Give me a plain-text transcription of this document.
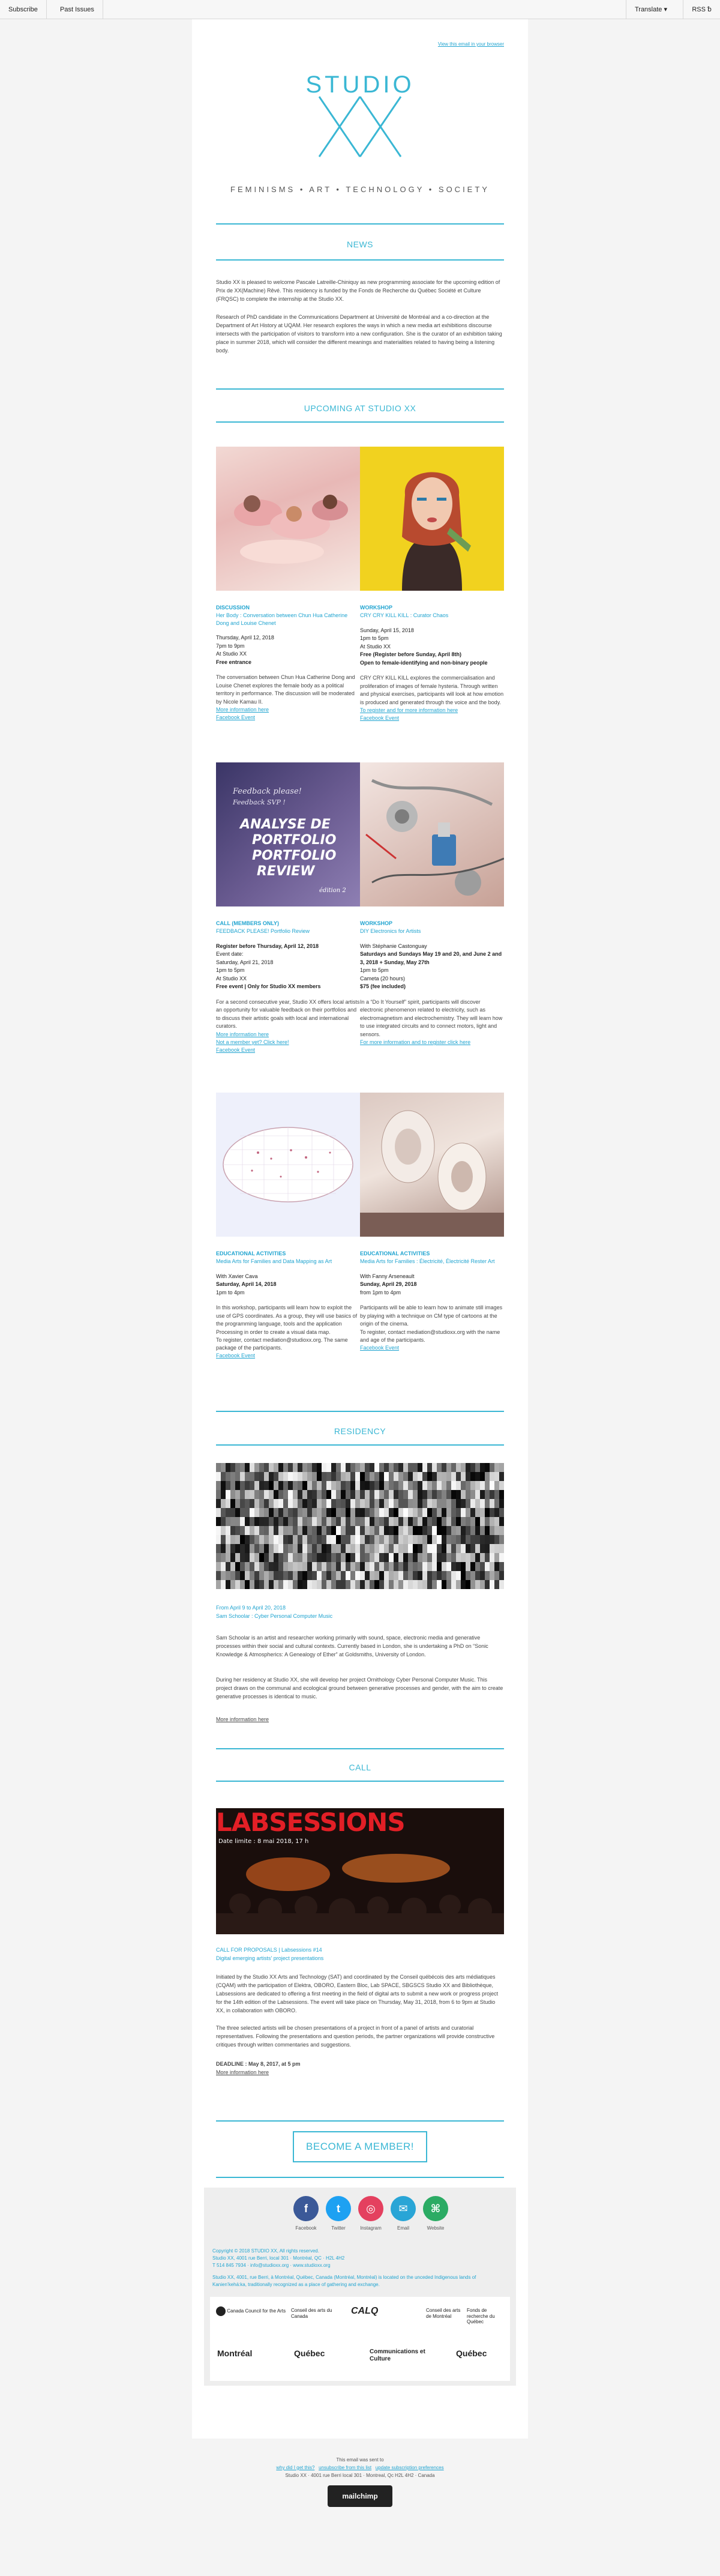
Subscribe	Past Issues	Translate ▾	RSS ␢
View this email in your browser
STUDIO
FEMINISMS • ART • TECHNOLOGY • SOCIETY
NEWS
Studio XX is pleased to welcome Pascale Latreille-Chiniquy as new programming associate for the upcoming edition of Prix de XX(Machine) Rêvé. This residency is funded by the Fonds de Recherche du Québec Société et Culture (FRQSC) to complete the internship at the Studio XX.
Research of PhD candidate in the Communications Department at Université de Montréal and a co-direction at the Department of Art History at UQAM. Her research explores the ways in which a new media art exhibitions discourse intersects with the participation of visitors to transform into a new configuration. She is the curator of an exhibition taking place in summer 2018, which will consider the different meanings and materialities related to having being a listening body.
UPCOMING AT STUDIO XX
DISCUSSION
Her Body : Conversation between Chun Hua Catherine Dong and Louise Chenet
Thursday, April 12, 2018
7pm to 9pm
At Studio XX
Free entrance
The conversation between Chun Hua Catherine Dong and Louise Chenet explores the female body as a political territory in performance. The discussion will be moderated by Nicole Kamau II.
More information here
Facebook Event
WORKSHOP
CRY CRY KILL KILL : Curator Chaos
Sunday, April 15, 2018
1pm to 5pm
At Studio XX
Free (Register before Sunday, April 8th)
Open to female-identifying and non-binary people
CRY CRY KILL KILL explores the commercialisation and proliferation of images of female hysteria. Through written and physical exercises, participants will look at how emotion is produced and generated through the voice and the body.
To register and for more information here
Facebook Event
Feedback please!
Feedback SVP !
ANALYSE DE
PORTFOLIO
PORTFOLIO
REVIEW
édition 2
CALL (MEMBERS ONLY)
FEEDBACK PLEASE! Portfolio Review
Register before Thursday, April 12, 2018
Event date:
Saturday, April 21, 2018
1pm to 5pm
At Studio XX
Free event | Only for Studio XX members
For a second consecutive year, Studio XX offers local artists an opportunity for valuable feedback on their portfolios and to discuss their artistic goals with local and international curators.
More information here
Not a member yet? Click here!
Facebook Event
WORKSHOP
DIY Electronics for Artists
With Stéphanie Castonguay
Saturdays and Sundays May 19 and 20, and June 2 and 3, 2018 + Sunday, May 27th
1pm to 5pm
Cameta (20 hours)
$75 (fee included)
In a “Do It Yourself” spirit, participants will discover electronic phenomenon related to electricity, such as electromagnetism and electrochemistry. They will learn how to use integrated circuits and to connect motors, light and sensors.
For more information and to register click here
EDUCATIONAL ACTIVITIES
Media Arts for Families and Data Mapping as Art
With Xavier Cava
Saturday, April 14, 2018
1pm to 4pm
In this workshop, participants will learn how to exploit the use of GPS coordinates. As a group, they will use basics of the programming language, tools and the application Processing in order to create a visual data map.
To register, contact mediation@studioxx.org. The same package of the participants.
Facebook Event
EDUCATIONAL ACTIVITIES
Media Arts for Families : Électricité, Électricité Rester Art
With Fanny Arseneault
Sunday, April 29, 2018
from 1pm to 4pm
Participants will be able to learn how to animate still images by playing with a technique on CM type of cartoons at the origin of the cinema.
To register, contact mediation@studioxx.org with the name and age of the participants.
Facebook Event
RESIDENCY
From April 9 to April 20, 2018
Sam Schoolar : Cyber Personal Computer Music
Sam Schoolar is an artist and researcher working primarily with sound, space, electronic media and generative processes within their social and cultural contexts. Currently based in London, she is undertaking a PhD on “Sonic Knowledge & Atmospherics: A Genealogy of Ether” at Goldsmiths, University of London.
During her residency at Studio XX, she will develop her project Ornithology Cyber Personal Computer Music. This project draws on the communal and ecological ground between generative processes and gender, with the aim to create generative processes is identical to music.
More information here
CALL
LABSESSIONS
Date limite : 8 mai 2018, 17 h
CALL FOR PROPOSALS | Labsessions #14
Digital emerging artists' project presentations
Initiated by the Studio XX Arts and Technology (SAT) and coordinated by the Conseil québécois des arts médiatiques (CQAM) with the participation of Elektra, OBORO, Eastern Bloc, Lab SPACE, SBGSCS Studio XX and Bibliothèque, Labsessions are dedicated to offering a first meeting in the field of digital arts to submit a new work or progress project for the 14th edition of the Labsessions. The event will take place on Thursday, May 31, 2018, from 6 to 9pm at Studio XX, in collaboration with OBORO.
The three selected artists will be chosen presentations of a project in front of a panel of artists and curatorial representatives. Following the presentations and question periods, the partner organizations will provide constructive critiques through written commentaries and suggestions.
DEADLINE : May 8, 2017, at 5 pm
More information here
BECOME A MEMBER!
f
Facebook
t
Twitter
◎
Instagram
✉
Email
⌘
Website
Copyright © 2018 STUDIO XX, All rights reserved.
Studio XX, 4001 rue Berri, local 301 · Montréal, QC · H2L 4H2
T 514 845 7934 · info@studioxx.org · www.studioxx.org
Studio XX, 4001, rue Berri, à Montréal, Québec, Canada (Montréal, Montréal) is located on the unceded Indigenous lands of Kanien’kehá:ka, traditionally recognized as a place of gathering and exchange.
Canada Council for the Arts	Conseil des arts du Canada
CALQ	Conseil des arts de Montréal
Fonds de recherche du Québec
Montréal	Québec	Communications et Culture
Québec
This email was sent to
why did I get this? unsubscribe from this list update subscription preferences
Studio XX · 4001 rue Berri local 301 · Montreal, Qc H2L 4H2 · Canada
mailchimp
